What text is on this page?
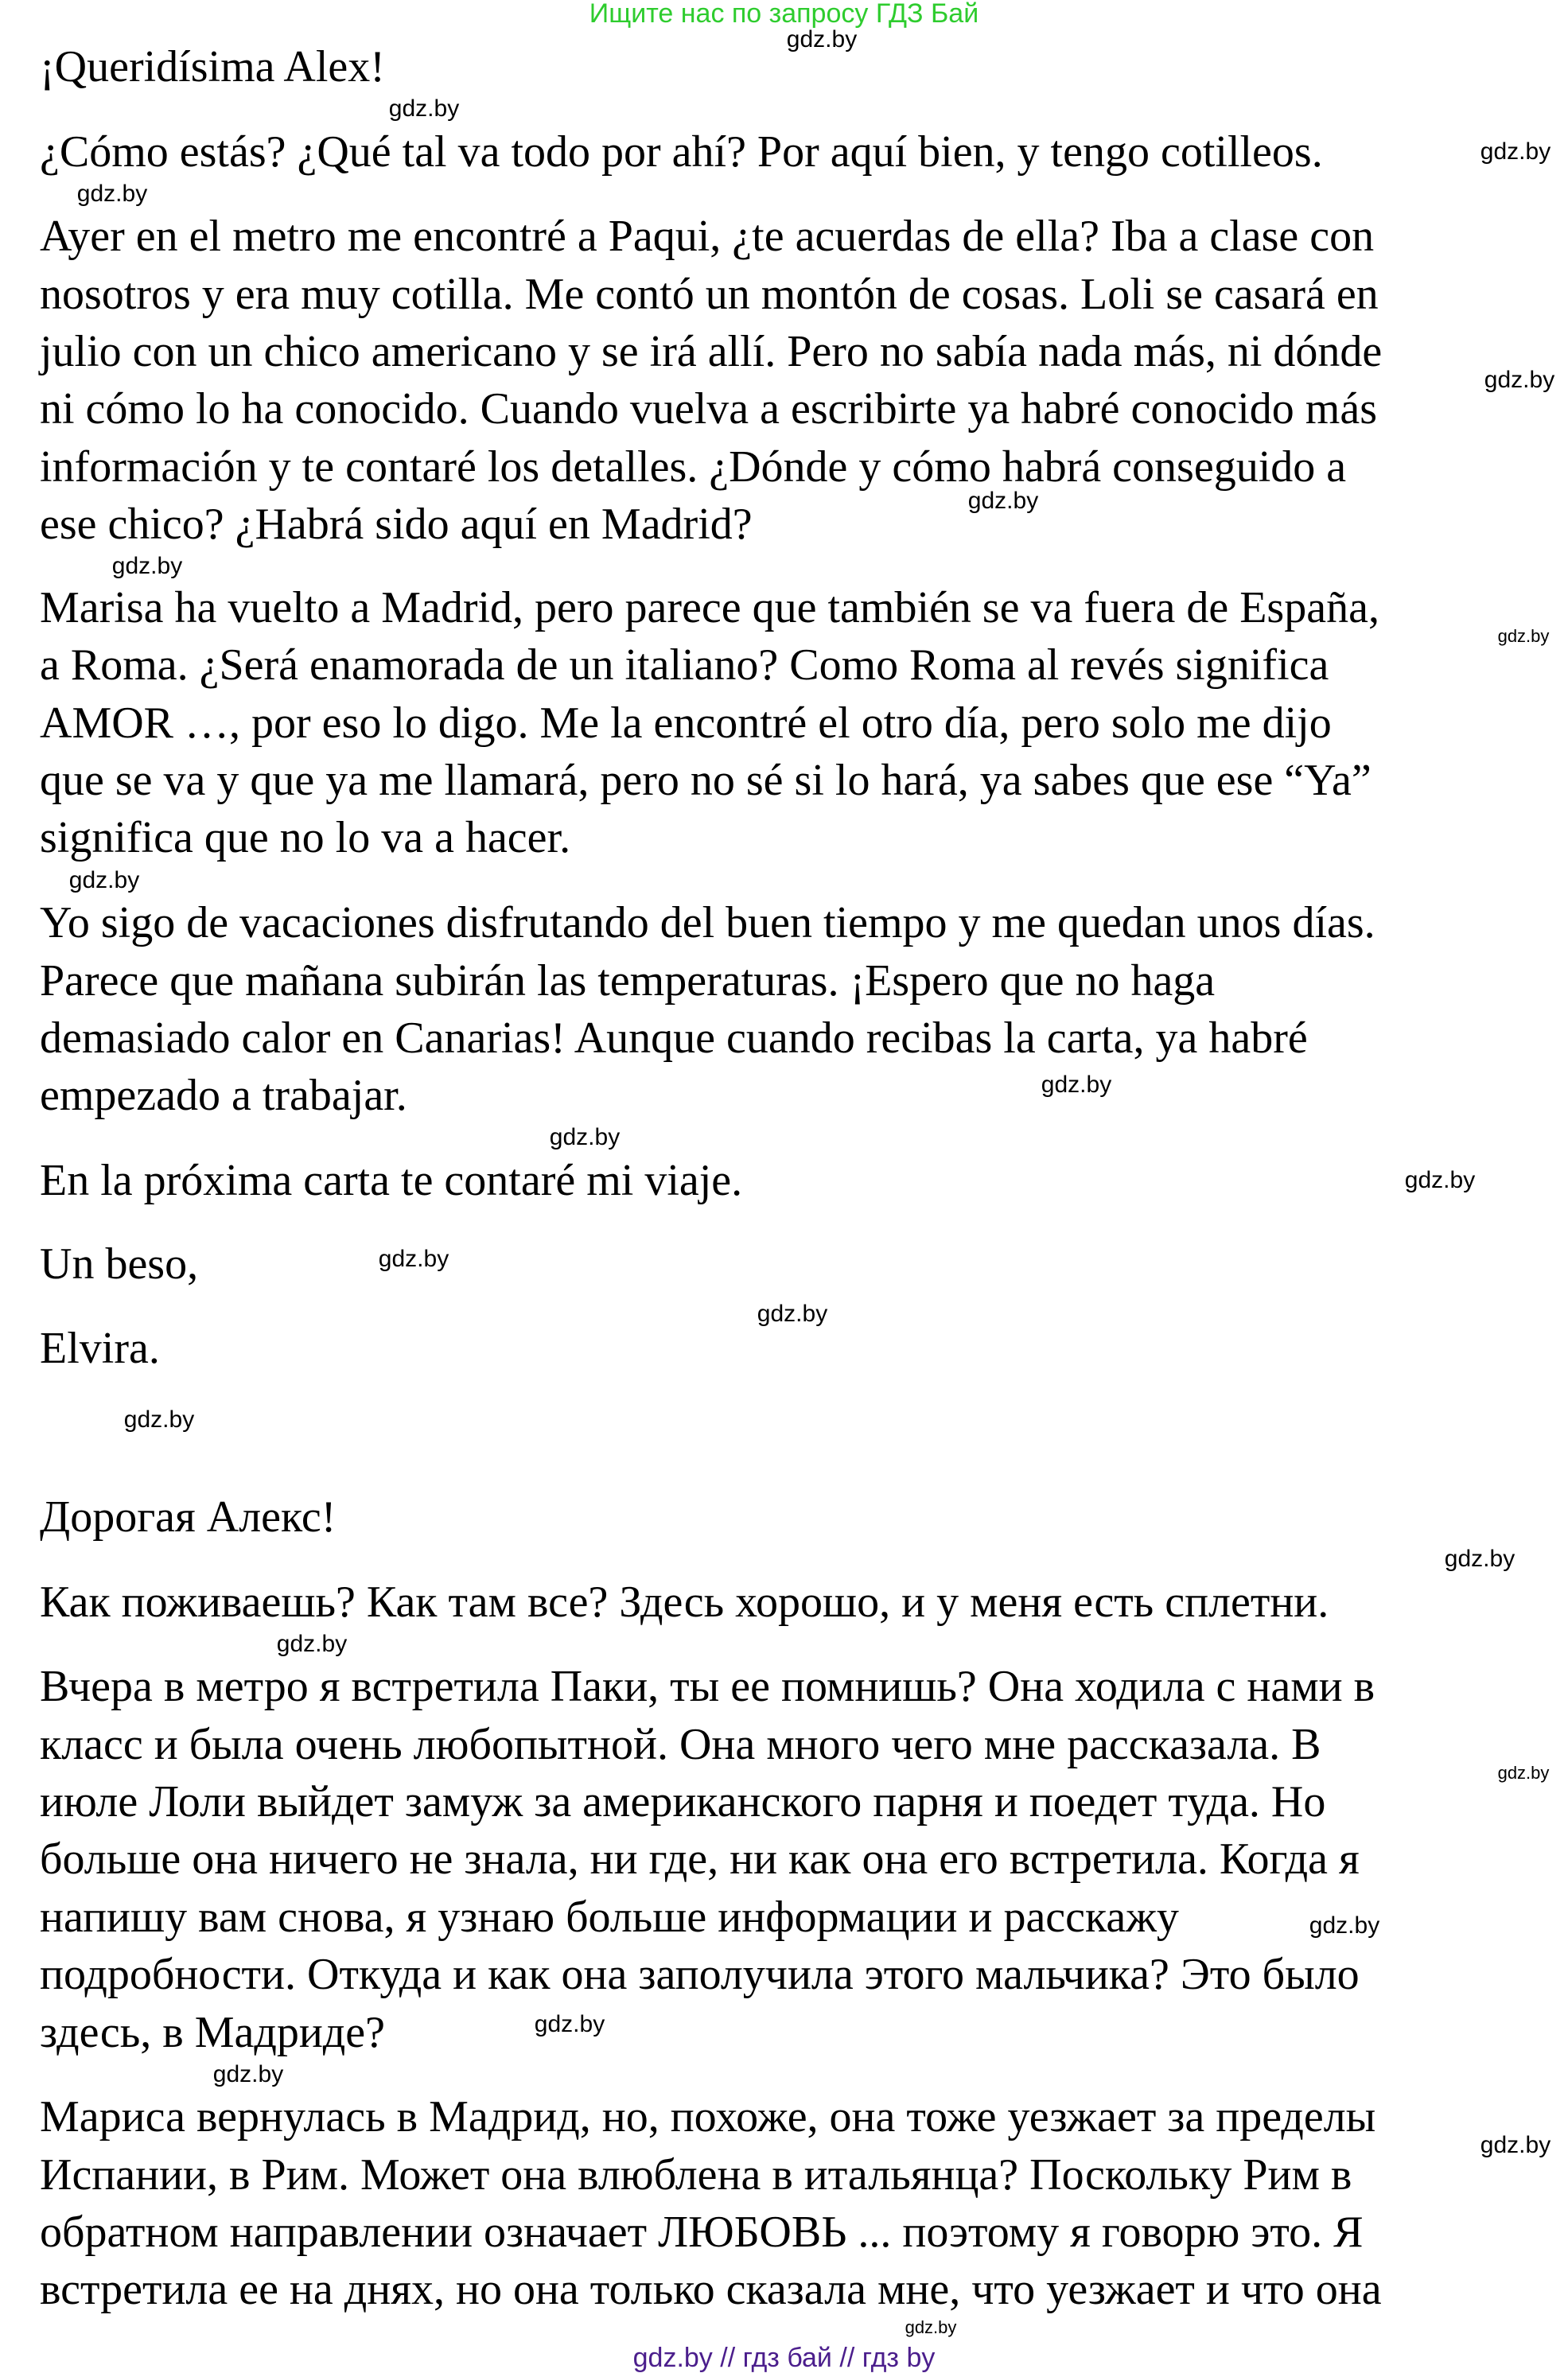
Ищите нас по запросу ГДЗ Бай
¡Queridísima Alex!
¿Cómo estás? ¿Qué tal va todo por ahí? Por aquí bien, y tengo cotilleos.
Ayer en el metro me encontré a Paqui, ¿te acuerdas de ella? Iba a clase con
nosotros y era muy cotilla. Me contó un montón de cosas. Loli se casará en
julio con un chico americano y se irá allí. Pero no sabía nada más, ni dónde
ni cómo lo ha conocido. Cuando vuelva a escribirte ya habré conocido más
información y te contaré los detalles. ¿Dónde y cómo habrá conseguido a
ese chico? ¿Habrá sido aquí en Madrid?
Marisa ha vuelto a Madrid, pero parece que también se va fuera de España,
a Roma. ¿Será enamorada de un italiano? Como Roma al revés significa
AMOR …, por eso lo digo. Me la encontré el otro día, pero solo me dijo
que se va y que ya me llamará, pero no sé si lo hará, ya sabes que ese “Ya”
significa que no lo va a hacer.
Yo sigo de vacaciones disfrutando del buen tiempo y me quedan unos días.
Parece que mañana subirán las temperaturas. ¡Espero que no haga
demasiado calor en Canarias! Aunque cuando recibas la carta, ya habré
empezado a trabajar.
En la próxima carta te contaré mi viaje.
Un beso,
Elvira.
Дорогая Алекс!
Как поживаешь? Как там все? Здесь хорошо, и у меня есть сплетни.
Вчера в метро я встретила Паки, ты ее помнишь? Она ходила с нами в
класс и была очень любопытной. Она много чего мне рассказала. В
июле Лоли выйдет замуж за американского парня и поедет туда. Но
больше она ничего не знала, ни где, ни как она его встретила. Когда я
напишу вам снова, я узнаю больше информации и расскажу
подробности. Откуда и как она заполучила этого мальчика? Это было
здесь, в Мадриде?
Мариса вернулась в Мадрид, но, похоже, она тоже уезжает за пределы
Испании, в Рим. Может она влюблена в итальянца? Поскольку Рим в
обратном направлении означает ЛЮБОВЬ ... поэтому я говорю это. Я
встретила ее на днях, но она только сказала мне, что уезжает и что она
gdz.by
gdz.by
gdz.by
gdz.by
gdz.by
gdz.by
gdz.by
gdz.by
gdz.by
gdz.by
gdz.by
gdz.by
gdz.by
gdz.by
gdz.by
gdz.by
gdz.by
gdz.by
gdz.by
gdz.by
gdz.by
gdz.by
gdz.by
gdz.by // гдз бай // гдз by
